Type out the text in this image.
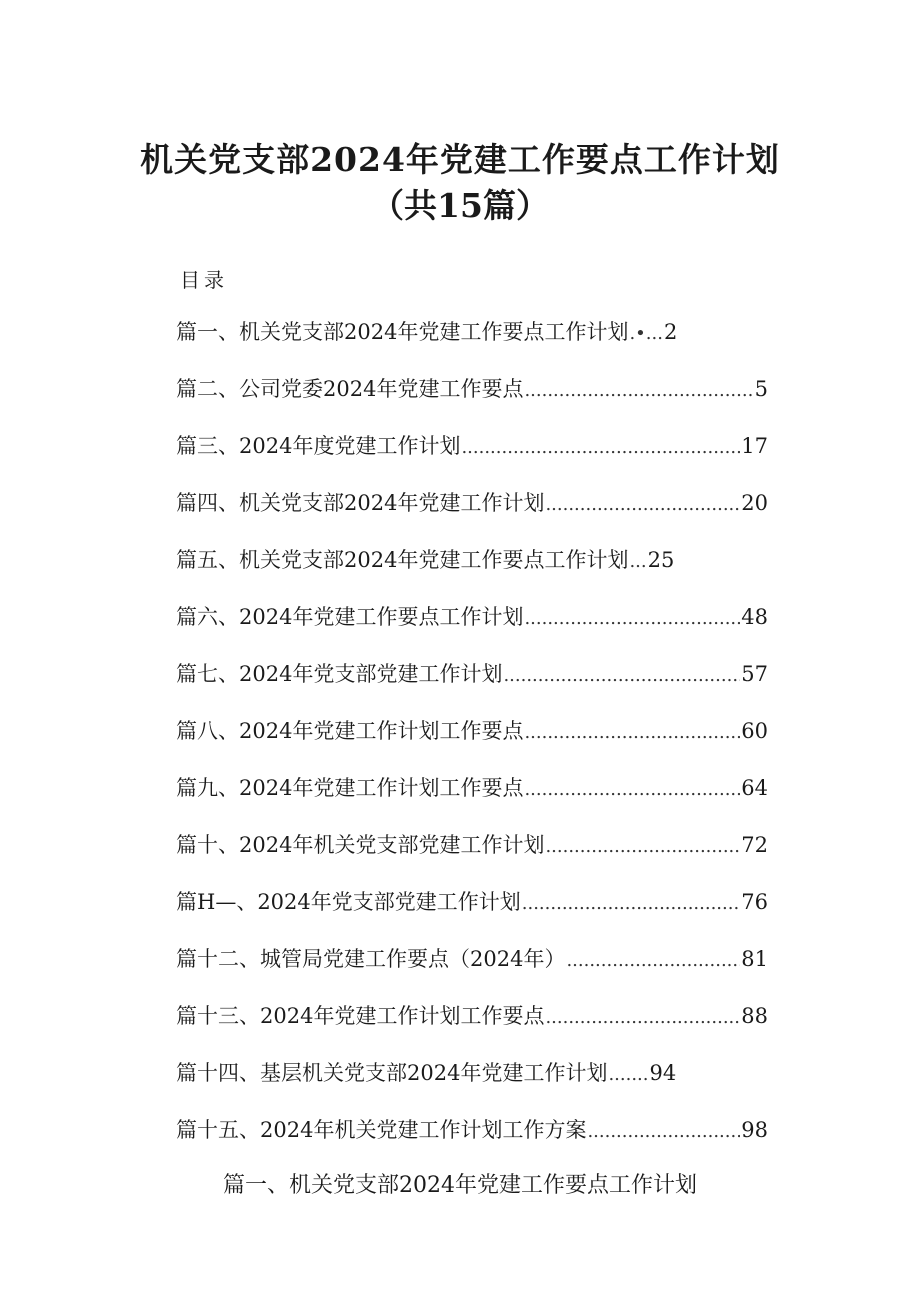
机关党支部2024年党建工作要点工作计划
（共15篇）
目录
篇一、机关党支部2024年党建工作要点工作计划 .•... 2
篇二、公司党委2024年党建工作要点 .....	5
篇三、2024年度党建工作计划 .....	17
篇四、机关党支部2024年党建工作计划 .....	20
篇五、机关党支部2024年党建工作要点工作计划 ... 25
篇六、2024年党建工作要点工作计划 .....	48
篇七、2024年党支部党建工作计划 .....	57
篇八、2024年党建工作计划工作要点 .....	60
篇九、2024年党建工作计划工作要点 .....	64
篇十、2024年机关党支部党建工作计划 .....	72
篇H—、2024年党支部党建工作计划 .....	76
篇十二、城管局党建工作要点（2024年） .....	81
篇十三、2024年党建工作计划工作要点 .....	88
篇十四、基层机关党支部2024年党建工作计划 ....... 94
篇十五、2024年机关党建工作计划工作方案 .....	98
篇一、机关党支部2024年党建工作要点工作计划
